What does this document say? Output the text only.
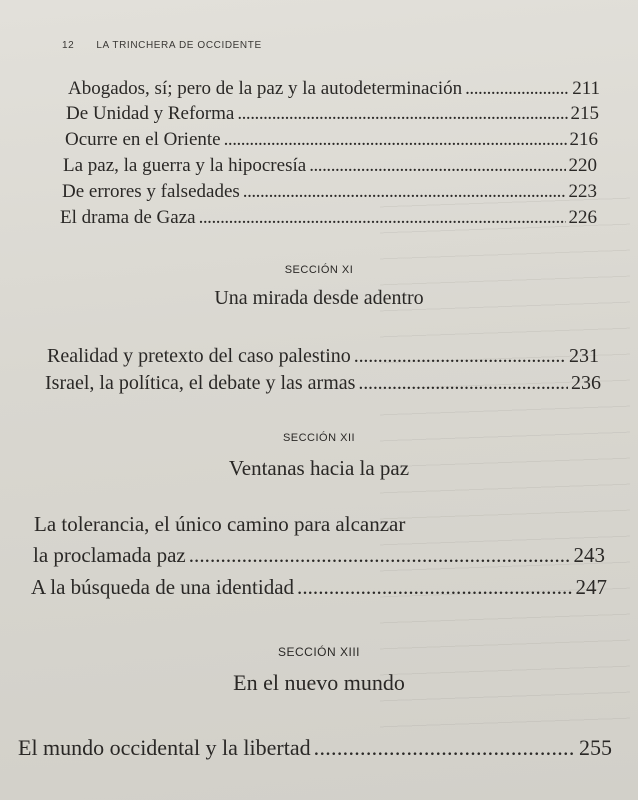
12 LA TRINCHERA DE OCCIDENTE
Abogados, sí; pero de la paz y la autodeterminación . . .	211
De Unidad y Reforma . . .	215
Ocurre en el Oriente . . .	216
La paz, la guerra y la hipocresía . . .	220
De errores y falsedades . . .	223
El drama de Gaza . . .	226
SECCIÓN XI
Una mirada desde adentro
Realidad y pretexto del caso palestino . . .	231
Israel, la política, el debate y las armas . . .	236
SECCIÓN XII
Ventanas hacia la paz
La tolerancia, el único camino para alcanzar
la proclamada paz . . .	243
A la búsqueda de una identidad . . .	247
SECCIÓN XIII
En el nuevo mundo
El mundo occidental y la libertad . . .	255
